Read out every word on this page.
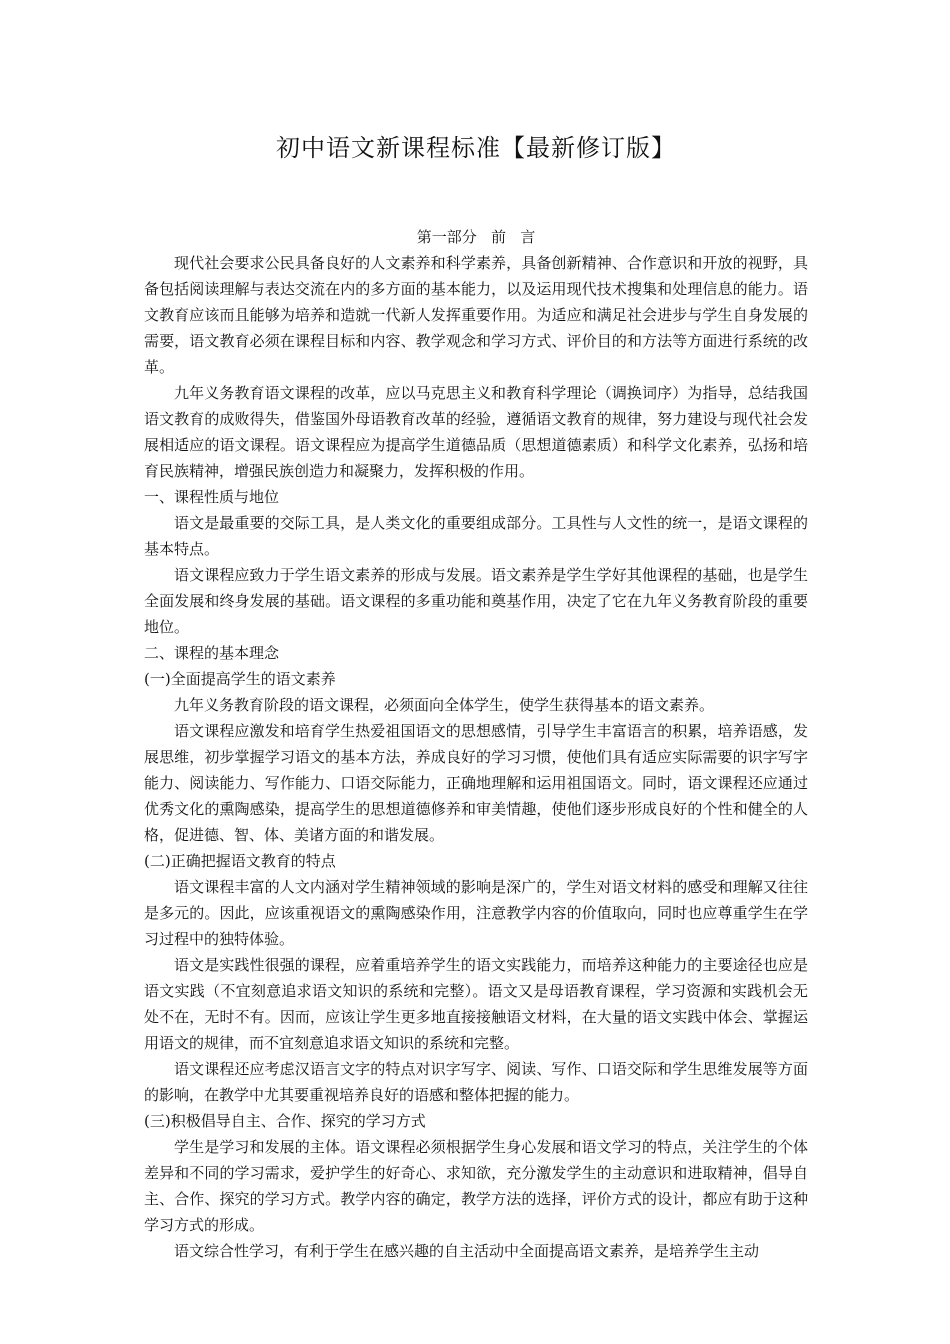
初中语文新课程标准【最新修订版】
第一部分   前   言

现代社会要求公民具备良好的人文素养和科学素养，具备创新精神、合作意识和开放的视野，具备包括阅读理解与表达交流在内的多方面的基本能力，以及运用现代技术搜集和处理信息的能力。语文教育应该而且能够为培养和造就一代新人发挥重要作用。为适应和满足社会进步与学生自身发展的需要，语文教育必须在课程目标和内容、教学观念和学习方式、评价目的和方法等方面进行系统的改革。

九年义务教育语文课程的改革，应以马克思主义和教育科学理论（调换词序）为指导，总结我国语文教育的成败得失，借鉴国外母语教育改革的经验，遵循语文教育的规律，努力建设与现代社会发展相适应的语文课程。语文课程应为提高学生道德品质（思想道德素质）和科学文化素养，弘扬和培育民族精神，增强民族创造力和凝聚力，发挥积极的作用。

一、课程性质与地位

语文是最重要的交际工具，是人类文化的重要组成部分。工具性与人文性的统一，是语文课程的基本特点。

语文课程应致力于学生语文素养的形成与发展。语文素养是学生学好其他课程的基础，也是学生全面发展和终身发展的基础。语文课程的多重功能和奠基作用，决定了它在九年义务教育阶段的重要地位。

二、课程的基本理念
(一)全面提高学生的语文素养

九年义务教育阶段的语文课程，必须面向全体学生，使学生获得基本的语文素养。

语文课程应激发和培育学生热爱祖国语文的思想感情，引导学生丰富语言的积累，培养语感，发展思维，初步掌握学习语文的基本方法，养成良好的学习习惯，使他们具有适应实际需要的识字写字能力、阅读能力、写作能力、口语交际能力，正确地理解和运用祖国语文。同时，语文课程还应通过优秀文化的熏陶感染，提高学生的思想道德修养和审美情趣，使他们逐步形成良好的个性和健全的人格，促进德、智、体、美诸方面的和谐发展。

(二)正确把握语文教育的特点

语文课程丰富的人文内涵对学生精神领域的影响是深广的，学生对语文材料的感受和理解又往往是多元的。因此，应该重视语文的熏陶感染作用，注意教学内容的价值取向，同时也应尊重学生在学习过程中的独特体验。

语文是实践性很强的课程，应着重培养学生的语文实践能力，而培养这种能力的主要途径也应是语文实践（不宜刻意追求语文知识的系统和完整）。语文又是母语教育课程，学习资源和实践机会无处不在，无时不有。因而，应该让学生更多地直接接触语文材料，在大量的语文实践中体会、掌握运用语文的规律，而不宜刻意追求语文知识的系统和完整。

语文课程还应考虑汉语言文字的特点对识字写字、阅读、写作、口语交际和学生思维发展等方面的影响，在教学中尤其要重视培养良好的语感和整体把握的能力。

(三)积极倡导自主、合作、探究的学习方式

学生是学习和发展的主体。语文课程必须根据学生身心发展和语文学习的特点，关注学生的个体差异和不同的学习需求，爱护学生的好奇心、求知欲，充分激发学生的主动意识和进取精神，倡导自主、合作、探究的学习方式。教学内容的确定，教学方法的选择，评价方式的设计，都应有助于这种学习方式的形成。

语文综合性学习，有利于学生在感兴趣的自主活动中全面提高语文素养，是培养学生主动
